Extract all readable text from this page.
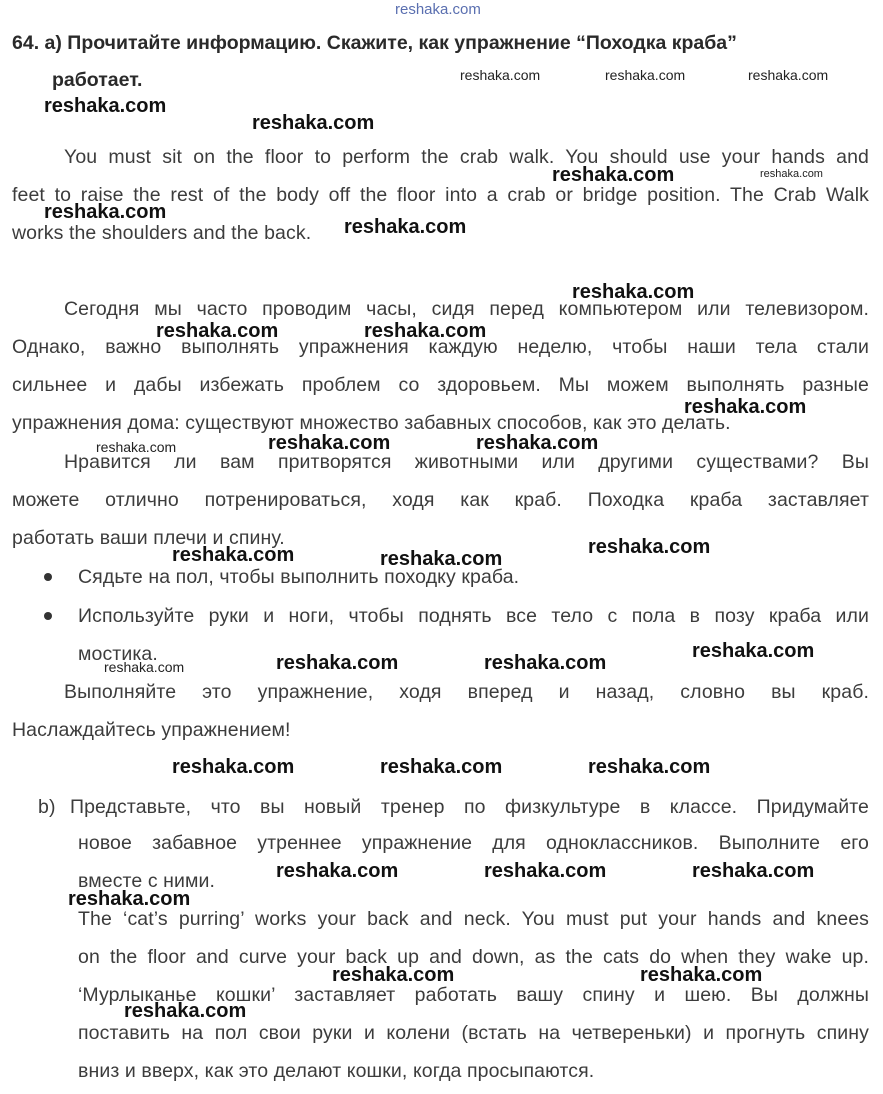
64. a) Прочитайте информацию. Скажите, как упражнение “Походка краба”
работает.
You must sit on the floor to perform the crab walk. You should use your hands and
feet to raise the rest of the body off the floor into a crab or bridge position. The Crab Walk
works the shoulders and the back.
Сегодня мы часто проводим часы, сидя перед компьютером или телевизором.
Однако, важно выполнять упражнения каждую неделю, чтобы наши тела стали
сильнее и дабы избежать проблем со здоровьем. Мы можем выполнять разные
упражнения дома: существуют множество забавных способов, как это делать.
Нравится ли вам притворятся животными или другими существами? Вы
можете отлично потренироваться, ходя как краб. Походка краба заставляет
работать ваши плечи и спину.
Сядьте на пол, чтобы выполнить походку краба.
Используйте руки и ноги, чтобы поднять все тело с пола в позу краба или
мостика.
Выполняйте это упражнение, ходя вперед и назад, словно вы краб.
Наслаждайтесь упражнением!
b) Представьте, что вы новый тренер по физкультуре в классе. Придумайте
новое забавное утреннее упражнение для одноклассников. Выполните его
вместе с ними.
The ‘cat’s purring’ works your back and neck. You must put your hands and knees
on the floor and curve your back up and down, as the cats do when they wake up.
‘Мурлыканье кошки’ заставляет работать вашу спину и шею. Вы должны
поставить на пол свои руки и колени (встать на четвереньки) и прогнуть спину
вниз и вверх, как это делают кошки, когда просыпаются.
reshaka.com
reshaka.com	reshaka.com	reshaka.com
reshaka.com
reshaka.com
reshaka.com	reshaka.com
reshaka.com
reshaka.com
reshaka.com
reshaka.com	reshaka.com
reshaka.com
reshaka.com	reshaka.com	reshaka.com
reshaka.com
reshaka.com	reshaka.com
reshaka.com
reshaka.com	reshaka.com	reshaka.com
reshaka.com	reshaka.com	reshaka.com
reshaka.com	reshaka.com	reshaka.com
reshaka.com
reshaka.com	reshaka.com
reshaka.com
